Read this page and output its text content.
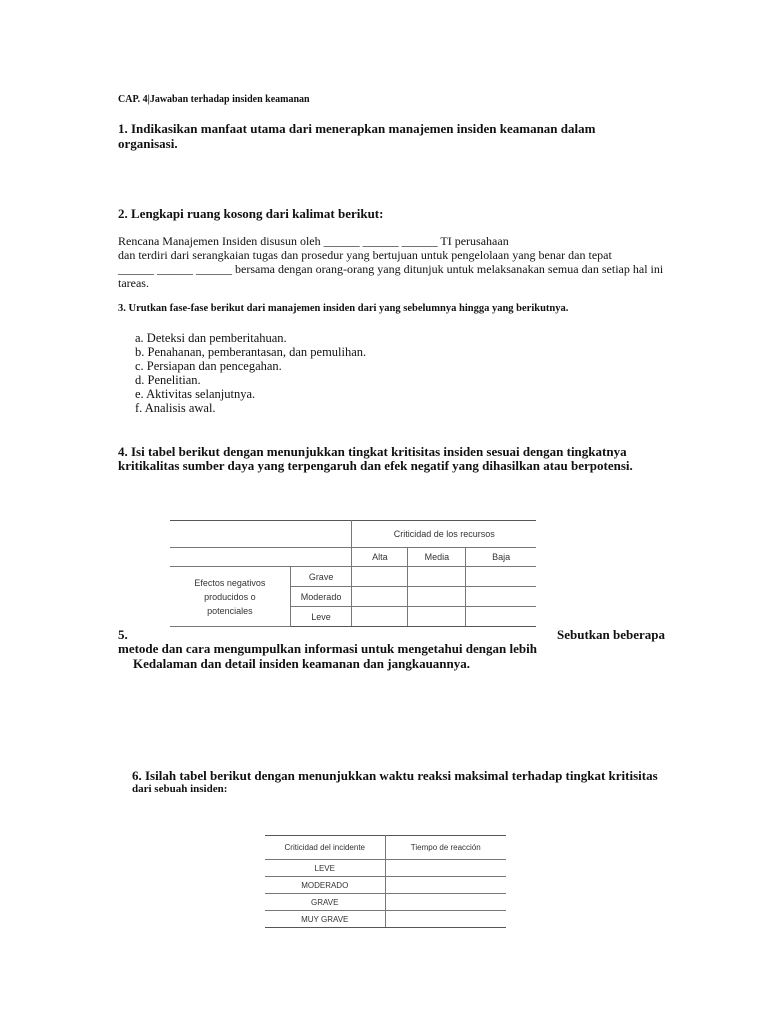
CAP. 4|Jawaban terhadap insiden keamanan
1. Indikasikan manfaat utama dari menerapkan manajemen insiden keamanan dalam
organisasi.
2. Lengkapi ruang kosong dari kalimat berikut:
Rencana Manajemen Insiden disusun oleh ______ ______ ______ TI perusahaan
dan terdiri dari serangkaian tugas dan prosedur yang bertujuan untuk pengelolaan yang benar dan tepat
______ ______ ______ bersama dengan orang-orang yang ditunjuk untuk melaksanakan semua dan setiap hal ini
tareas.
3. Urutkan fase-fase berikut dari manajemen insiden dari yang sebelumnya hingga yang berikutnya.
a. Deteksi dan pemberitahuan.
b. Penahanan, pemberantasan, dan pemulihan.
c. Persiapan dan pencegahan.
d. Penelitian.
e. Aktivitas selanjutnya.
f. Analisis awal.
4. Isi tabel berikut dengan menunjukkan tingkat kritisitas insiden sesuai dengan tingkatnya
kritikalitas sumber daya yang terpengaruh dan efek negatif yang dihasilkan atau berpotensi.
		Criticidad de los recursos		
		Alta	Media	Baja
Efectos negativos
producidos o
potenciales	Grave			
	Moderado			
	Leve			
5.	Sebutkan beberapa
metode dan cara mengumpulkan informasi untuk mengetahui dengan lebih
Kedalaman dan detail insiden keamanan dan jangkauannya.
6. Isilah tabel berikut dengan menunjukkan waktu reaksi maksimal terhadap tingkat kritisitas
dari sebuah insiden:
Criticidad del incidente	Tiempo de reacción
LEVE	
MODERADO	
GRAVE	
MUY GRAVE	
